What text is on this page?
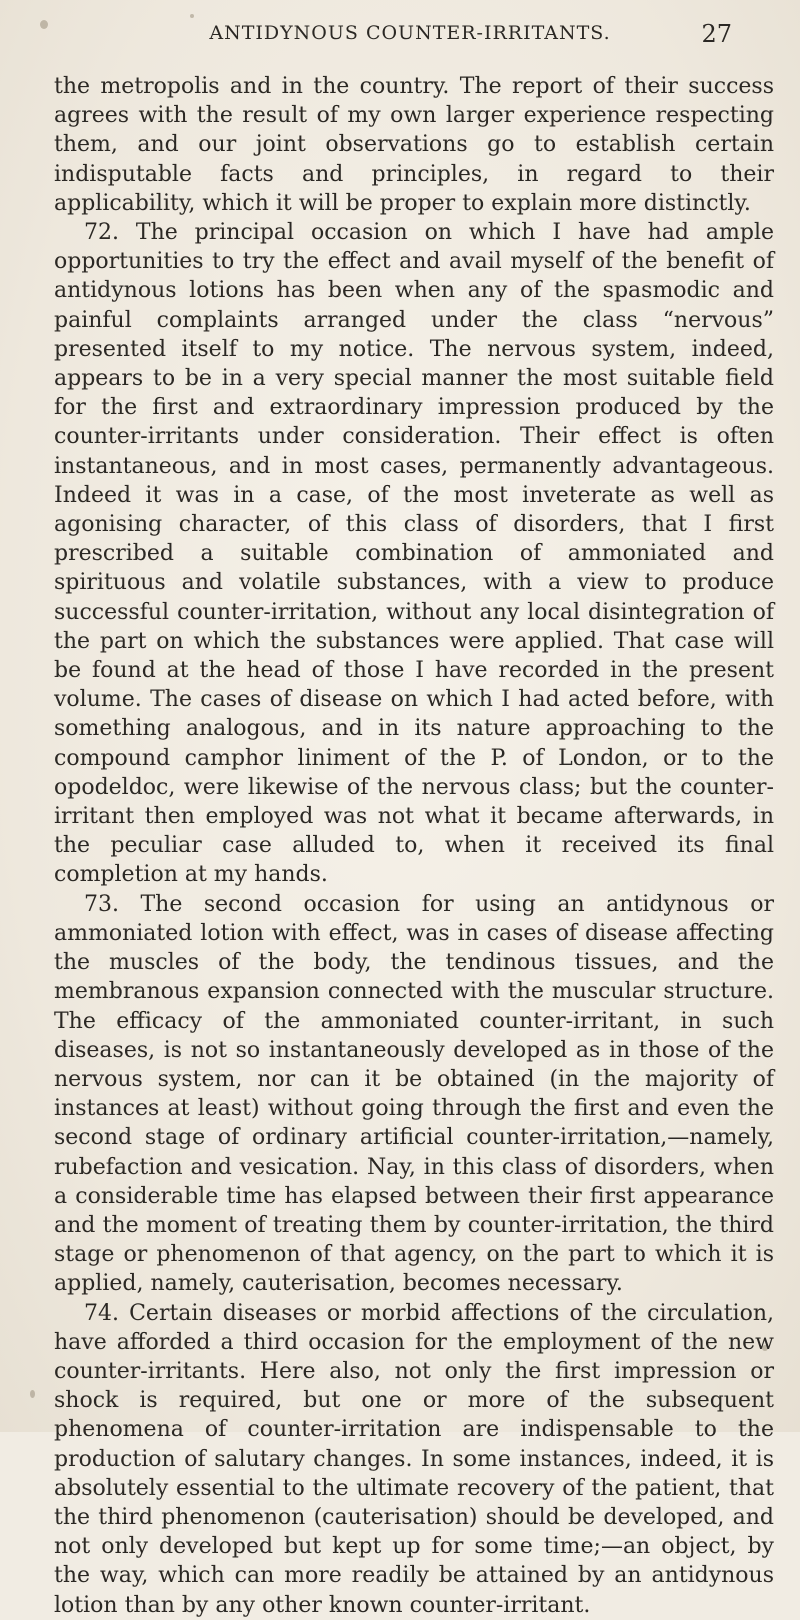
ANTIDYNOUS COUNTER-IRRITANTS.	27

the metropolis and in the country. The report of their success agrees with the result of my own larger experience respecting them, and our joint observations go to establish certain indisputable facts and principles, in regard to their applicability, which it will be proper to explain more distinctly.

72. The principal occasion on which I have had ample opportunities to try the effect and avail myself of the benefit of antidynous lotions has been when any of the spasmodic and painful complaints arranged under the class “nervous” presented itself to my notice. The nervous system, indeed, appears to be in a very special manner the most suitable field for the first and extraordinary impression produced by the counter-irritants under consideration. Their effect is often instantaneous, and in most cases, permanently advantageous. Indeed it was in a case, of the most inveterate as well as agonising character, of this class of disorders, that I first prescribed a suitable combination of ammoniated and spirituous and volatile substances, with a view to produce successful counter-irritation, without any local disintegration of the part on which the substances were applied. That case will be found at the head of those I have recorded in the present volume. The cases of disease on which I had acted before, with something analogous, and in its nature approaching to the compound camphor liniment of the P. of London, or to the opodeldoc, were likewise of the nervous class; but the counter-irritant then employed was not what it became afterwards, in the peculiar case alluded to, when it received its final completion at my hands.

73. The second occasion for using an antidynous or ammoniated lotion with effect, was in cases of disease affecting the muscles of the body, the tendinous tissues, and the membranous expansion connected with the muscular structure. The efficacy of the ammoniated counter-irritant, in such diseases, is not so instantaneously developed as in those of the nervous system, nor can it be obtained (in the majority of instances at least) without going through the first and even the second stage of ordinary artificial counter-irritation,—namely, rubefaction and vesication. Nay, in this class of disorders, when a considerable time has elapsed between their first appearance and the moment of treating them by counter-irritation, the third stage or phenomenon of that agency, on the part to which it is applied, namely, cauterisation, becomes necessary.

74. Certain diseases or morbid affections of the circulation, have afforded a third occasion for the employment of the new counter-irritants. Here also, not only the first impression or shock is required, but one or more of the subsequent phenomena of counter-irritation are indispensable to the production of salutary changes. In some instances, indeed, it is absolutely essential to the ultimate recovery of the patient, that the third phenomenon (cauterisation) should be developed, and not only developed but kept up for some time;—an object, by the way, which can more readily be attained by an antidynous lotion than by any other known counter-irritant.
